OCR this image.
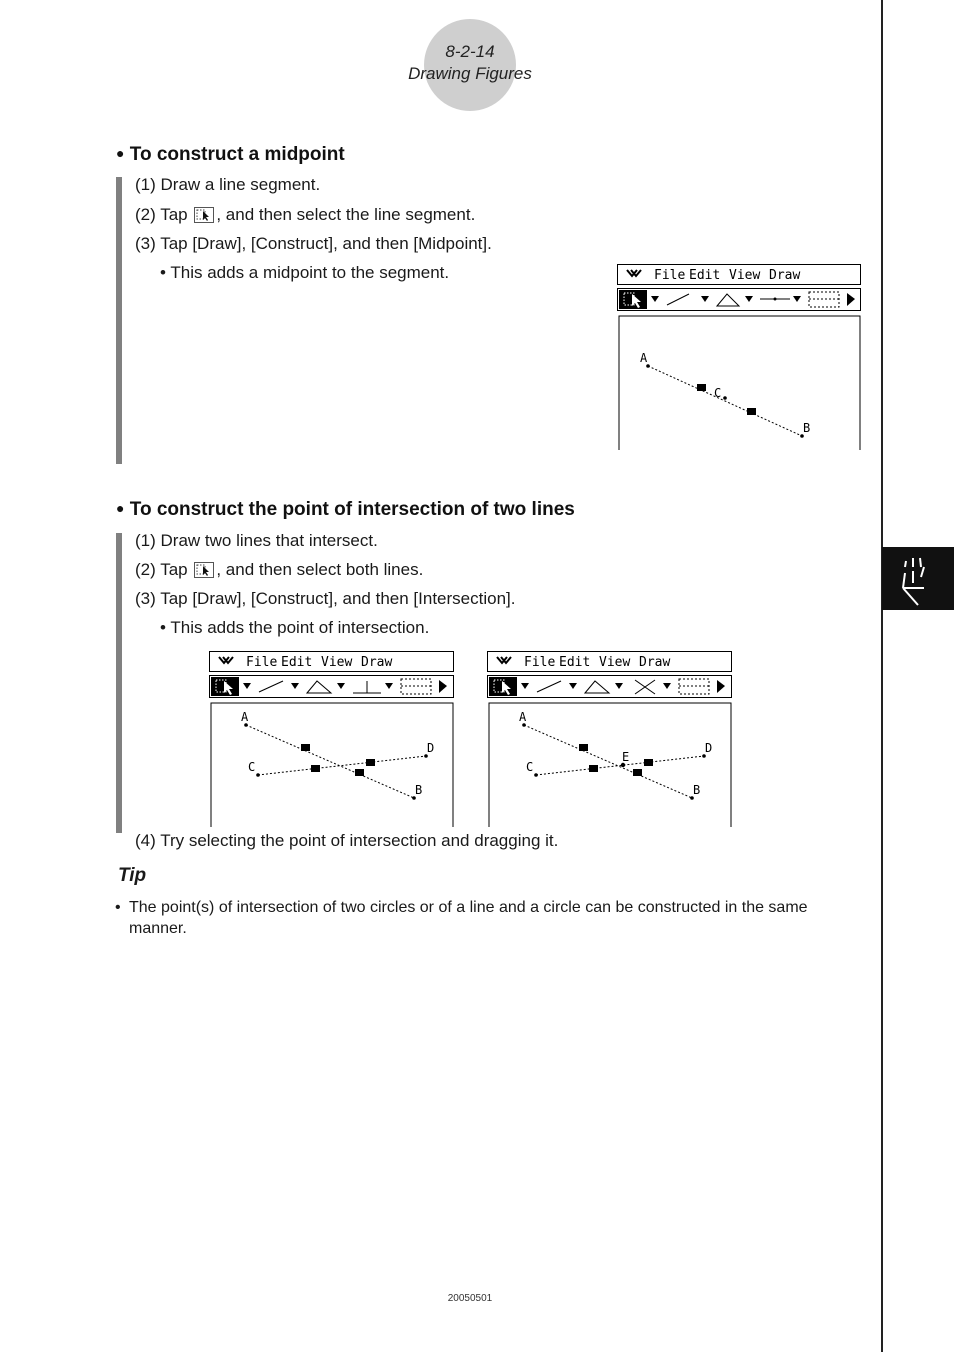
8-2-14
Drawing Figures
● To construct a midpoint
(1) Draw a line segment.
(2) Tap , and then select the line segment.
(3) Tap [Draw], [Construct], and then [Midpoint].
• This adds a midpoint to the segment.	File Edit View Draw
A
C
B
● To construct the point of intersection of two lines
(1) Draw two lines that intersect.
(2) Tap , and then select both lines.
(3) Tap [Draw], [Construct], and then [Intersection].
• This adds the point of intersection.
File Edit View Draw
A
C
D
B
File Edit View Draw
A
C
D
E
B
(4) Try selecting the point of intersection and dragging it.
Tip
• The point(s) of intersection of two circles or of a line and a circle can be constructed in the same manner.
20050501
